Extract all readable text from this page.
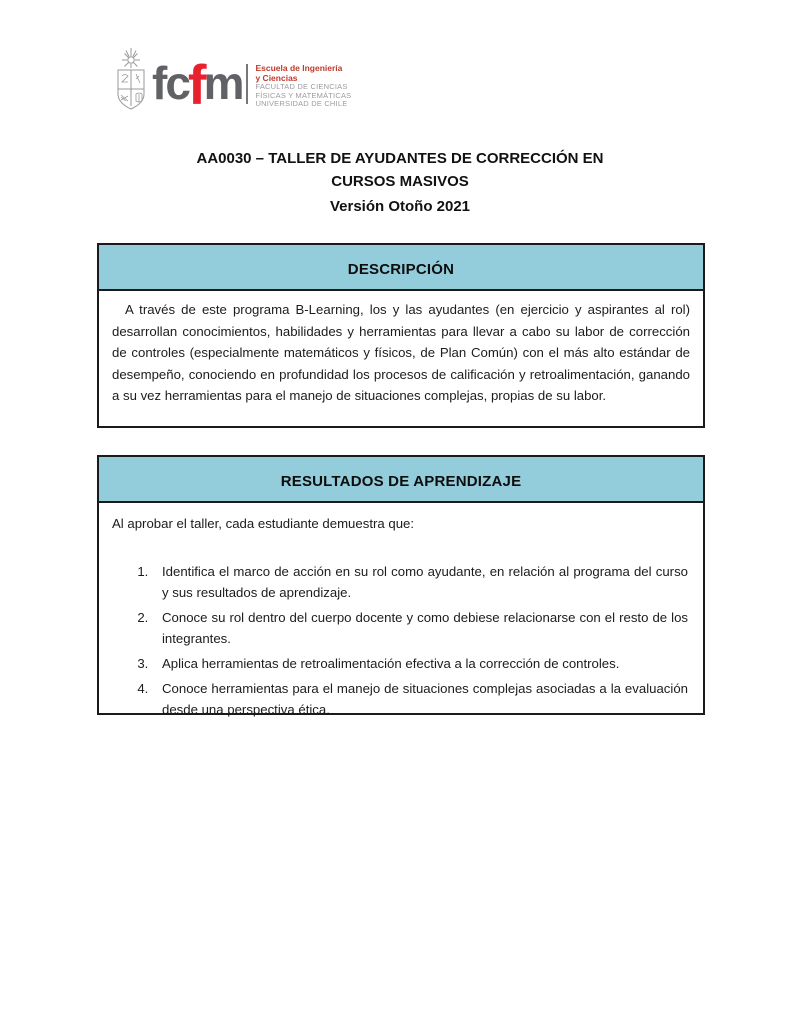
fc f m Escuela de Ingeniería
y Ciencias
FACULTAD DE CIENCIAS
FÍSICAS Y MATEMÁTICAS
UNIVERSIDAD DE CHILE
AA0030 – TALLER DE AYUDANTES DE CORRECCIÓN EN
CURSOS MASIVOS
Versión Otoño 2021
DESCRIPCIÓN

A través de este programa B-Learning, los y las ayudantes (en ejercicio y aspirantes al rol) desarrollan conocimientos, habilidades y herramientas para llevar a cabo su labor de corrección de controles (especialmente matemáticos y físicos, de Plan Común) con el más alto estándar de desempeño, conociendo en profundidad los procesos de calificación y retroalimentación, ganando a su vez herramientas para el manejo de situaciones complejas, propias de su labor.

RESULTADOS DE APRENDIZAJE

Al aprobar el taller, cada estudiante demuestra que:

1. Identifica el marco de acción en su rol como ayudante, en relación al programa del curso y sus resultados de aprendizaje.
2. Conoce su rol dentro del cuerpo docente y como debiese relacionarse con el resto de los integrantes.
3. Aplica herramientas de retroalimentación efectiva a la corrección de controles.
4. Conoce herramientas para el manejo de situaciones complejas asociadas a la evaluación desde una perspectiva ética.
